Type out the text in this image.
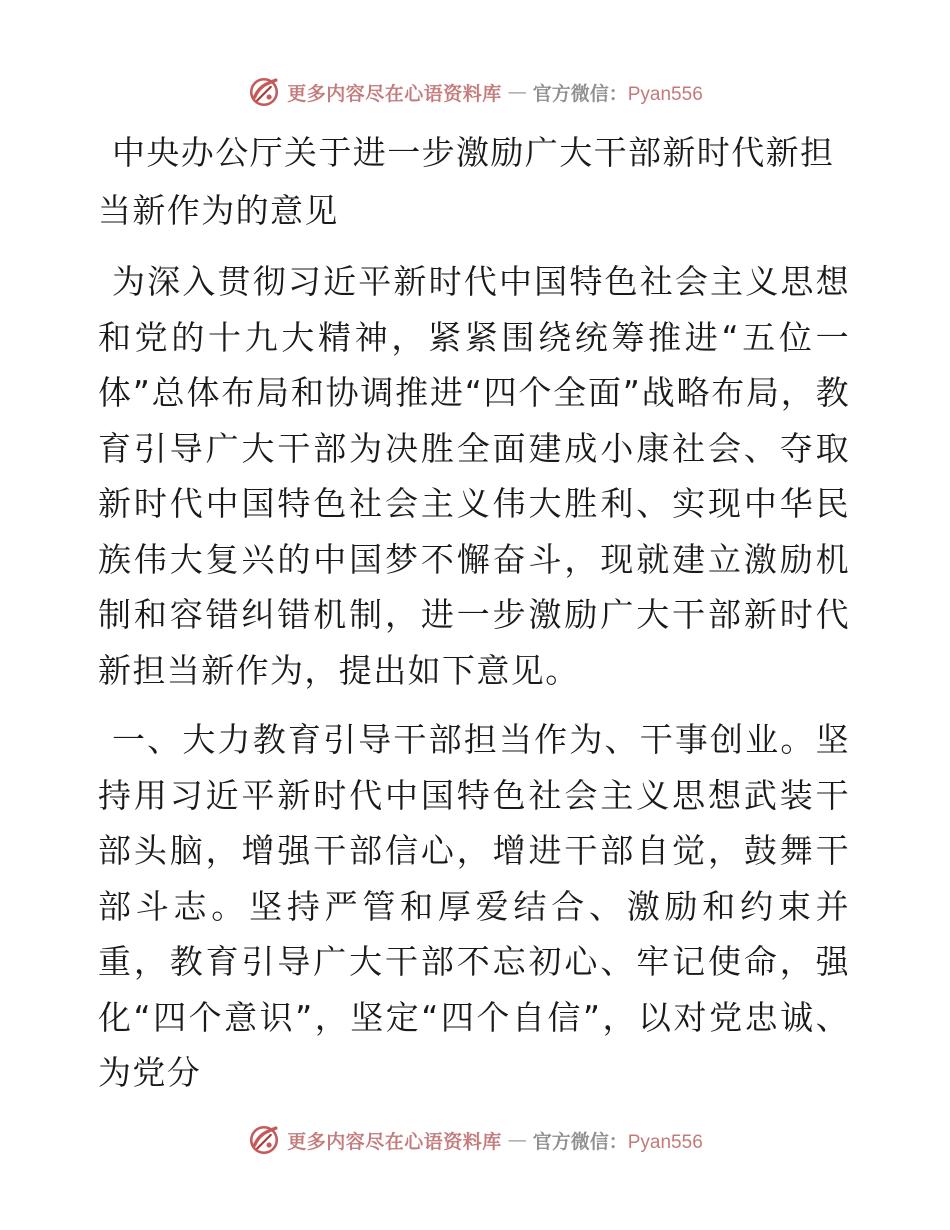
更多内容尽在心语资料库 — 官方微信：Pyan556
中央办公厅关于进一步激励广大干部新时代新担当新作为的意见

为深入贯彻习近平新时代中国特色社会主义思想和党的十九大精神，紧紧围绕统筹推进“五位一体”总体布局和协调推进“四个全面”战略布局，教育引导广大干部为决胜全面建成小康社会、夺取新时代中国特色社会主义伟大胜利、实现中华民族伟大复兴的中国梦不懈奋斗，现就建立激励机制和容错纠错机制，进一步激励广大干部新时代新担当新作为，提出如下意见。

一、大力教育引导干部担当作为、干事创业。坚持用习近平新时代中国特色社会主义思想武装干部头脑，增强干部信心，增进干部自觉，鼓舞干部斗志。坚持严管和厚爱结合、激励和约束并重，教育引导广大干部不忘初心、牢记使命，强化“四个意识”，坚定“四个自信”，以对党忠诚、为党分

更多内容尽在心语资料库 — 官方微信：Pyan556
